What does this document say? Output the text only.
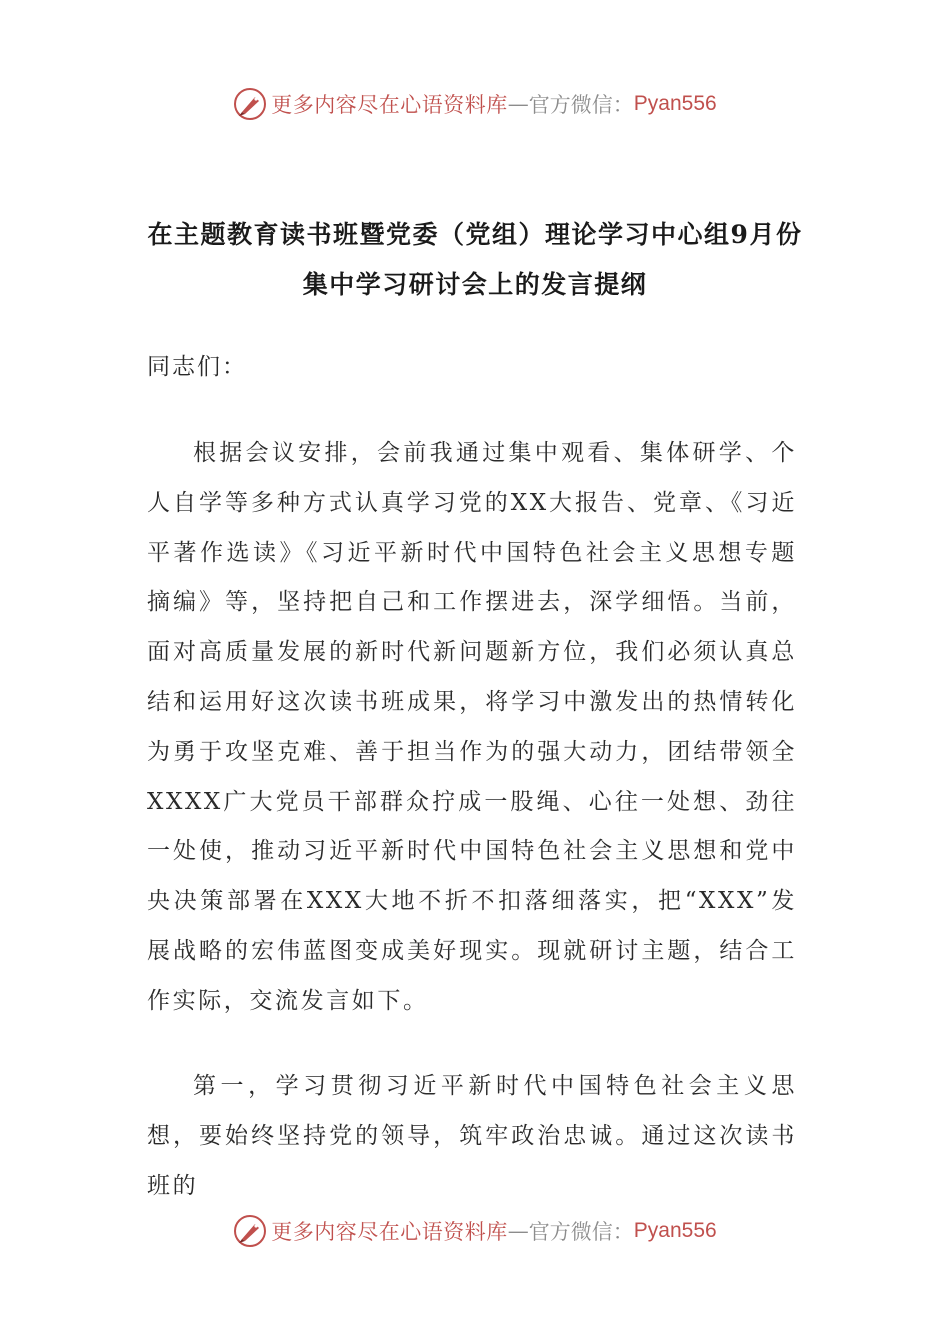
更多内容尽在心语资料库 — 官方微信： Pyan556
在主题教育读书班暨党委（党组）理论学习中心组9月份集中学习研讨会上的发言提纲
同志们：

根据会议安排，会前我通过集中观看、集体研学、个人自学等多种方式认真学习党的XX大报告、党章、《习近平著作选读》《习近平新时代中国特色社会主义思想专题摘编》等，坚持把自己和工作摆进去，深学细悟。当前，面对高质量发展的新时代新问题新方位，我们必须认真总结和运用好这次读书班成果，将学习中激发出的热情转化为勇于攻坚克难、善于担当作为的强大动力，团结带领全XXXX广大党员干部群众拧成一股绳、心往一处想、劲往一处使，推动习近平新时代中国特色社会主义思想和党中央决策部署在XXX大地不折不扣落细落实，把“XXX”发展战略的宏伟蓝图变成美好现实。现就研讨主题，结合工作实际，交流发言如下。

第一，学习贯彻习近平新时代中国特色社会主义思想，要始终坚持党的领导，筑牢政治忠诚。通过这次读书班的

更多内容尽在心语资料库 — 官方微信： Pyan556
